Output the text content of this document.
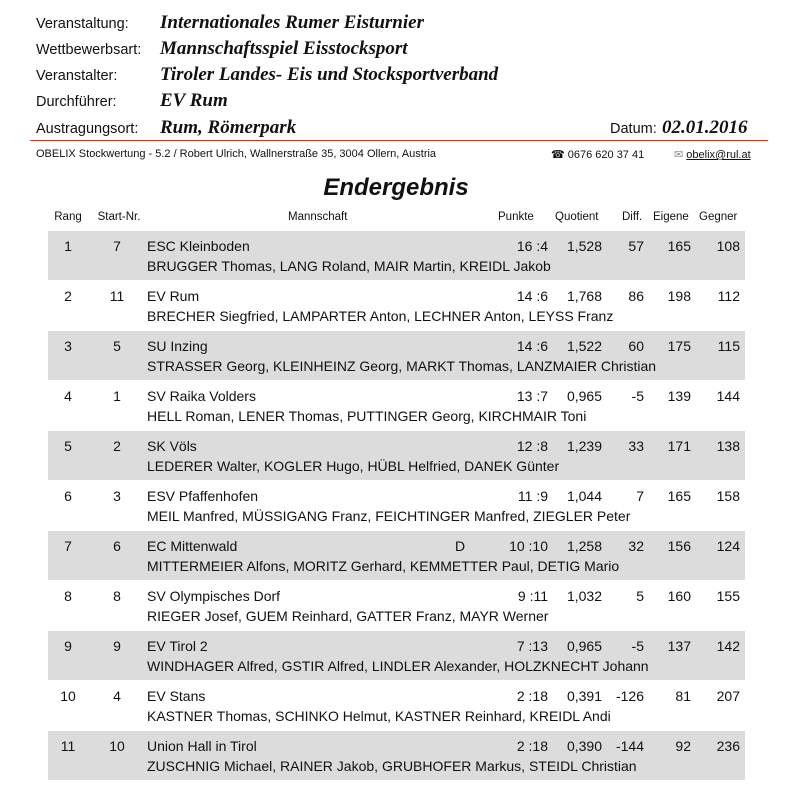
Veranstaltung: Internationales Rumer Eisturnier
Wettbewerbsart: Mannschaftsspiel Eisstocksport
Veranstalter: Tiroler Landes- Eis und Stocksportverband
Durchführer: EV Rum
Austragungsort: Rum, Römerpark	Datum: 02.01.2016
OBELIX Stockwertung - 5.2 / Robert Ulrich, Wallnerstraße 35, 3004 Ollern, Austria	☎ 0676 620 37 41	✉ obelix@rul.at
Endergebnis
Rang	Start-Nr.	Mannschaft	Punkte Quotient Diff. Eigene Gegner
1	7	ESC Kleinboden	16 :4	1,528	57	165	108
BRUGGER Thomas, LANG Roland, MAIR Martin, KREIDL Jakob
2	11	EV Rum	14 :6	1,768	86	198	112
BRECHER Siegfried, LAMPARTER Anton, LECHNER Anton, LEYSS Franz
3	5	SU Inzing	14 :6	1,522	60	175	115
STRASSER Georg, KLEINHEINZ Georg, MARKT Thomas, LANZMAIER Christian
4	1	SV Raika Volders	13 :7	0,965	-5	139	144
HELL Roman, LENER Thomas, PUTTINGER Georg, KIRCHMAIR Toni
5	2	SK Völs	12 :8	1,239	33	171	138
LEDERER Walter, KOGLER Hugo, HÜBL Helfried, DANEK Günter
6	3	ESV Pfaffenhofen	11 :9	1,044	7	165	158
MEIL Manfred, MÜSSIGANG Franz, FEICHTINGER Manfred, ZIEGLER Peter
7	6	EC Mittenwald	D	10 :10	1,258	32	156	124
MITTERMEIER Alfons, MORITZ Gerhard, KEMMETTER Paul, DETIG Mario
8	8	SV Olympisches Dorf	9 :11	1,032	5	160	155
RIEGER Josef, GUEM Reinhard, GATTER Franz, MAYR Werner
9	9	EV Tirol 2	7 :13	0,965	-5	137	142
WINDHAGER Alfred, GSTIR Alfred, LINDLER Alexander, HOLZKNECHT Johann
10	4	EV Stans	2 :18	0,391 -126	81	207
KASTNER Thomas, SCHINKO Helmut, KASTNER Reinhard, KREIDL Andi
11	10	Union Hall in Tirol	2 :18	0,390 -144	92	236
ZUSCHNIG Michael, RAINER Jakob, GRUBHOFER Markus, STEIDL Christian
